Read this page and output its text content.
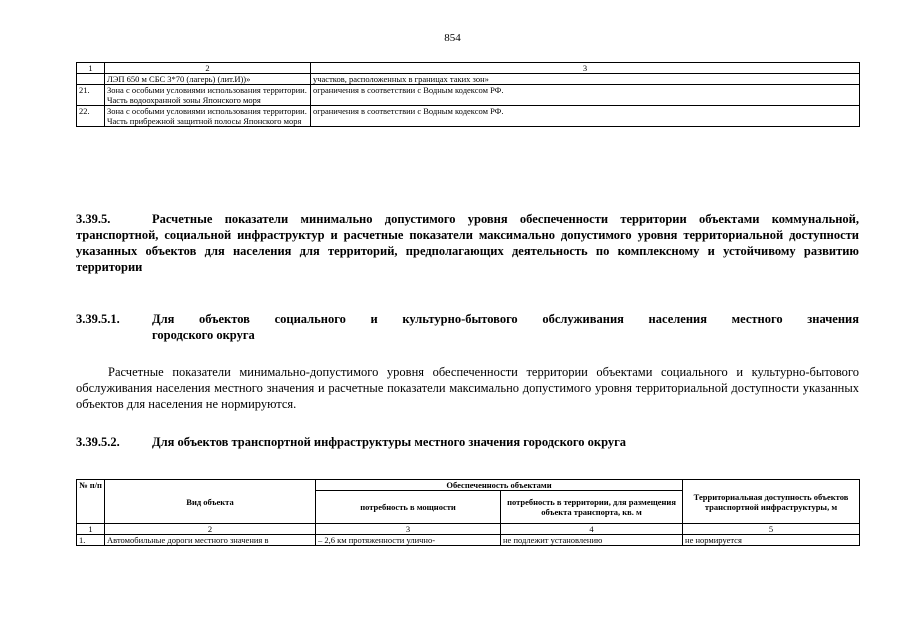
854
1	2	3
	ЛЭП 650 м СБС 3*70 (лагерь) (лит.И))»	участков, расположенных в границах таких зон»
21.	Зона с особыми условиями использования территории. Часть водоохранной зоны Японского моря	ограничения в соответствии с Водным кодексом РФ.
22.	Зона с особыми условиями использования территории. Часть прибрежной защитной полосы Японского моря	ограничения в соответствии с Водным кодексом РФ.
3.39.5.	Расчетные показатели минимально допустимого уровня обеспеченности территории объектами коммунальной, транспортной, социальной инфраструктур и расчетные показатели максимально допустимого уровня территориальной доступности указанных объектов для населения для территорий, предполагающих деятельность по комплексному и устойчивому развитию территории
3.39.5.1.	Для объектов социального и культурно-бытового обслуживания населения местного значения
городского округа
Расчетные показатели минимально-допустимого уровня обеспеченности территории объектами социального и культурно-бытового обслуживания населения местного значения и расчетные показатели максимально допустимого уровня территориальной доступности указанных объектов для населения не нормируются.
3.39.5.2.	Для объектов транспортной инфраструктуры местного значения городского округа
№ п/п	Вид объекта	Обеспеченность объектами		Территориальная доступность объектов транспортной инфраструктуры, м
		потребность в мощности	потребность в территории, для размещения объекта транспорта, кв. м	
1	2	3	4	5
1.	Автомобильные дороги местного значения в	– 2,6 км протяженности улично-	не подлежит установлению	не нормируется
